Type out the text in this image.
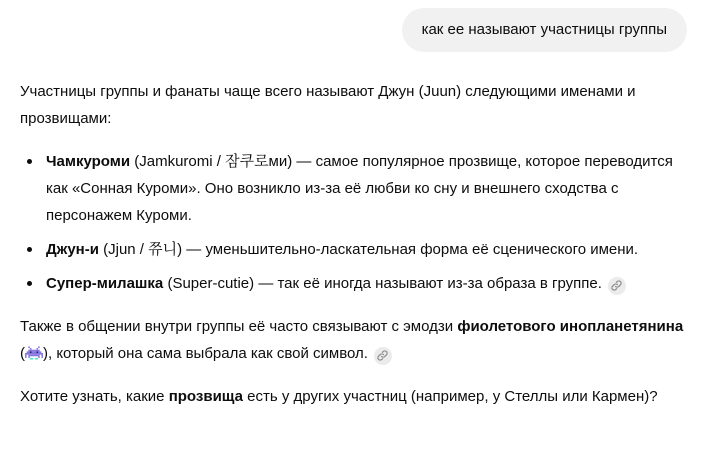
как ее называют участницы группы

Участницы группы и фанаты чаще всего называют Джун (Juun) следующими именами и прозвищами:

Чамкуроми (Jamkuromi / 잠쿠로ми) — самое популярное прозвище, которое переводится как «Сонная Куроми». Оно возникло из-за её любви ко сну и внешнего сходства с персонажем Куроми.
Джун-и (Jjun / 쮸니) — уменьшительно-ласкательная форма её сценического имени.
Супер-милашка (Super-cutie) — так её иногда называют из-за образа в группе.

Также в общении внутри группы её часто связывают с эмодзи фиолетового инопланетянина ( ), который она сама выбрала как свой символ.

Хотите узнать, какие прозвища есть у других участниц (например, у Стеллы или Кармен)?
